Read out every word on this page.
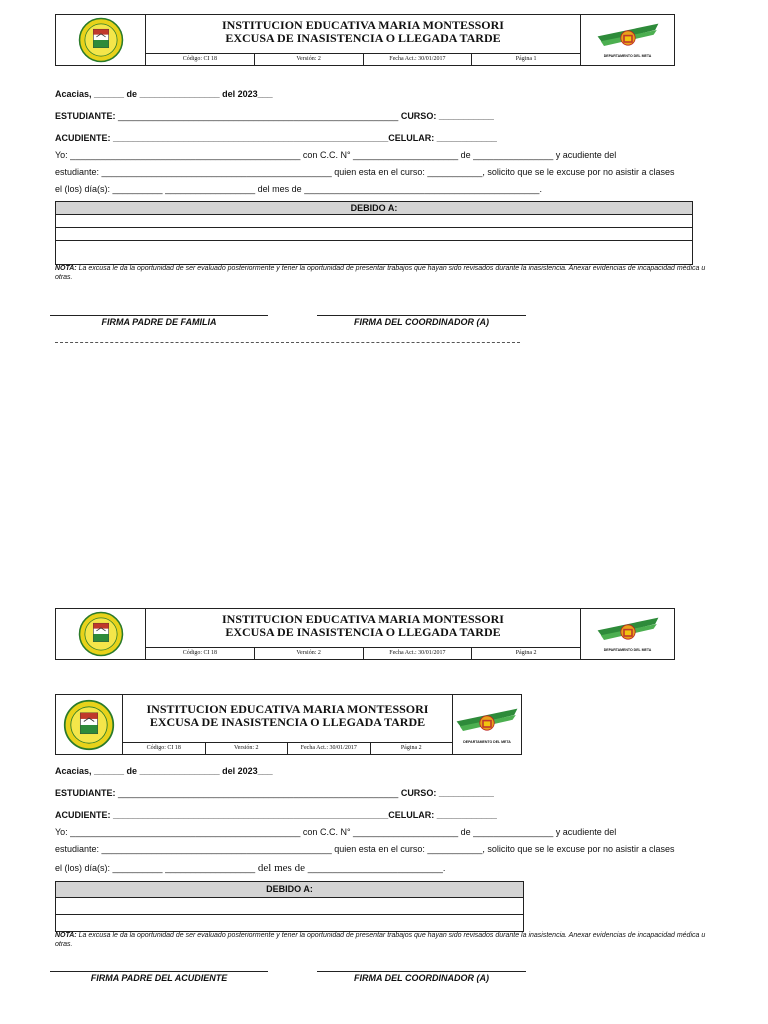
INSTITUCION EDUCATIVA MARIA MONTESSORI
EXCUSA DE INASISTENCIA O LLEGADA TARDE
Código: CI 18	Versión: 2	Fecha Act.: 30/01/2017	Página 1	DEPARTAMENTO DEL META
Acacias, ______ de ________________ del 2023___
ESTUDIANTE: ________________________________________________________ CURSO: ___________
ACUDIENTE: _______________________________________________________CELULAR: ____________
Yo: ______________________________________________ con C.C. N° _____________________ de ________________ y acudiente del
estudiante: ______________________________________________ quien esta en el curso: ___________, solicito que se le excuse por no asistir a clases
el (los) día(s): __________ __________________ del mes de _______________________________________________.
DEBIDO A:
NOTA: La excusa le da la oportunidad de ser evaluado posteriormente y tener la oportunidad de presentar trabajos que hayan sido revisados durante la inasistencia. Anexar evidencias de incapacidad médica u otras.
FIRMA PADRE DE FAMILIA	FIRMA DEL COORDINADOR (A)
INSTITUCION EDUCATIVA MARIA MONTESSORI
EXCUSA DE INASISTENCIA O LLEGADA TARDE
Código: CI 18	Versión: 2	Fecha Act.: 30/01/2017	Página 2	DEPARTAMENTO DEL META
INSTITUCION EDUCATIVA MARIA MONTESSORI
EXCUSA DE INASISTENCIA O LLEGADA TARDE
Código: CI 18	Versión: 2	Fecha Act.: 30/01/2017	Página 2
DEPARTAMENTO DEL META
Acacias, ______ de ________________ del 2023___
ESTUDIANTE: ________________________________________________________ CURSO: ___________
ACUDIENTE: _______________________________________________________CELULAR: ____________
Yo: ______________________________________________ con C.C. N° _____________________ de ________________ y acudiente del
estudiante: ______________________________________________ quien esta en el curso: ___________, solicito que se le excuse por no asistir a clases
el (los) día(s): __________ __________________ del mes de ___________________________.
DEBIDO A:
NOTA: La excusa le da la oportunidad de ser evaluado posteriormente y tener la oportunidad de presentar trabajos que hayan sido revisados durante la inasistencia. Anexar evidencias de incapacidad médica u otras.
FIRMA PADRE DEL ACUDIENTE	FIRMA DEL COORDINADOR (A)
